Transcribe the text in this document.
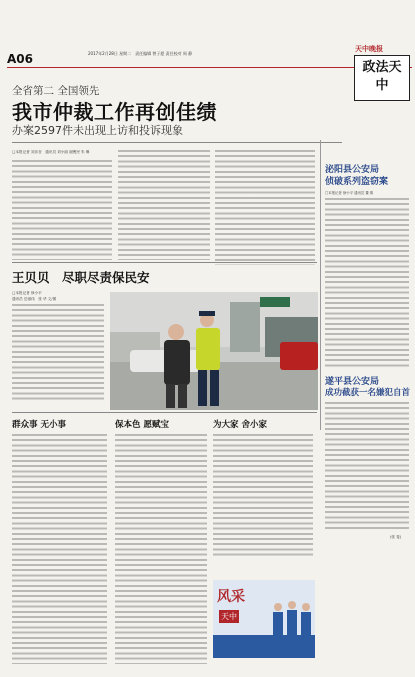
A06	2017年2月28日 星期二　责任编辑 曾子愿 责任校对 周 静
天中晚报
政法天中
全省第二 全国领先
我市仲裁工作再创佳绩
办案2597件未出现上访和投诉现象
□本报记者 刘乐音　通讯员 刘小丽 谢俊民 朱 琳
泌阳县公安局
侦破系列盗窃案
□本报记者 徐小平 通讯员 董 倩
遂平县公安局
成功截获一名嫌犯自首
(张 斐)
王贝贝　尽职尽责保民安
□本报记者 徐小平
通讯员 岳丽伟　张 华 文/图
群众事 无小事	保本色 愿赋宝	为大家 舍小家
风采
天中
